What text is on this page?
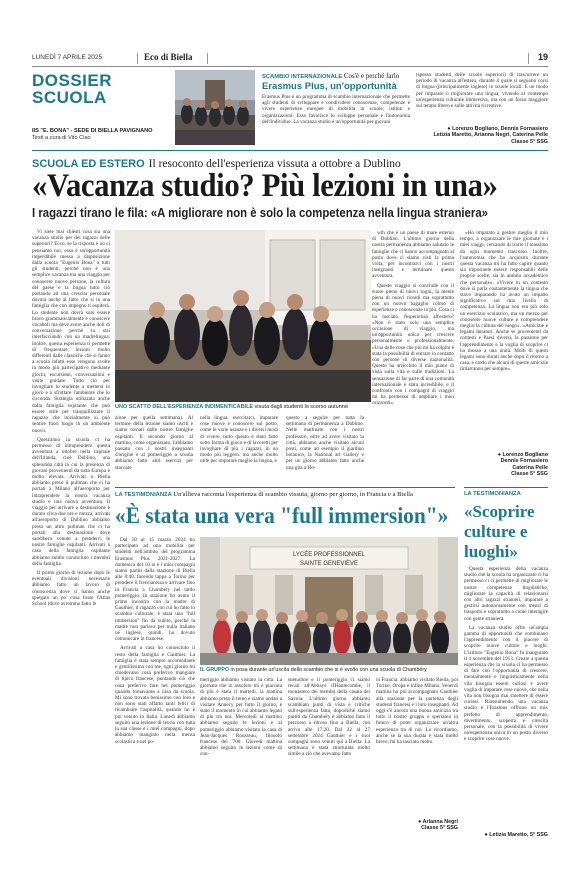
LUNEDÌ 7 APRILE 2025	Eco di Biella	19
DOSSIER
SCUOLA
IIS "E. BONA" - SEDE DI BIELLA PAVIGNANO
Testi a cura di Vito Ciao
SCAMBIO INTERNAZIONALE Cos'è e perché farlo
Erasmus Plus, un'opportunità
Erasmus Plus è un programma di scambio internazionale che permette agli studenti di sviluppare e condividere conoscenze, competenze e vivere esperienze europee di mobilità in scuole, istituti e organizzazioni. Esso favorisce lo sviluppo personale e l'autonomia dell'individuo. La vacanza studio è un'opportunità per giovani
(spesso studenti delle scuole superiori) di trascorrere un periodo di vacanza all'estero, durante il quale si seguono corsi di lingua (principalmente inglese) in scuole locali. E un modo per imparare o migliorare una lingua, vivendo al contempo un'esperienza culturale immersiva, ma con un focus maggiore sul tempo libero e sulle attività ricreative.
● Lorenzo Bogliano, Dennis Fornasiero
Letizia Maretto, Arianna Negri, Caterina Pelle
Classe 5° SSG
SCUOLA ED ESTERO Il resoconto dell'esperienza vissuta a ottobre a Dublino
«Vacanza studio? Più lezioni in una»
I ragazzi tirano le fila: «A migliorare non è solo la competenza nella lingua straniera»

Vi siete mai chiesti cosa sia una vacanza studio per dei ragazzi delle superiori? Ecco, se la risposta è no ci pensiamo noi, essa è un'opportunità imperdibile messa a disposizione dalla scuola "Eugenio Bona" a tutti gli studenti, perché non è una semplice vacanza ma una viaggio per conoscere nuove persone, la cultura del paese e la lingua tutto ciò portando ad una crescita personale dovuta anche al fatto che si in una famiglia che con impegno ti ospiterà. Lo studente non dovrà solo essere bravo grammaticalmente e conoscere vocaboli ma deve avere anche doti di conversazione perché tu stai interfacciando con un madrelingua. Inoltre, questa esperienza ti permette di frequentare lezioni molto differenti dalle classiche che si fanno a scuola infatti esse vengono svolte in modo più partecipativo mediante giochi, escursioni, conversazioni e visite guidate. Tutto ciò per invogliare lo studente a mettersi in gioco e a sfruttare l'ambiente che lo circonda. Strategia utilizzata anche dalla famiglia ospitante che può essere utile per tranquillizzare il ragazzo che inizialmente si può sentire fuori luogo in un ambiente nuovo.

Quest'anno la scuola ci ha permesso di intraprendere questa avventura a ottobre nella capitale dell'Irlanda, cioè Dublino, una splendida città in cui la presenza di giovani provenienti da tutta Europa è molto elevata. Arrivati a Biella abbiamo preso il pullman che ci ha portati a Milano all'aeroporto per intraprendere la nostra vacanza studio e una nuova avventura. Il viaggio per arrivare a destinazione è durato circa due ore e mezza, arrivati all'aeroporto di Dublino abbiamo preso un altro pullman che ci ha portati alla destinazione dove sarebbero venute a prenderci le nostre famiglie ospitanti. Arrivati a casa della famiglia ospitante abbiamo subito conosciuto i membri della famiglia.

Il primo giorno di lezione dopo le eventuali divisioni necessarie abbiamo fatto un lavoro di conoscenza dove ci hanno anche spiegato un po' cosa fosse l'Atlas School (dove avremmo fatto le

UNO SCATTO DELL'ESPERIENZA INDIMENTICABILE visuta dagli studenti lo scorso autunno
zione per quella settimana). Al termine della lezione siamo usciti e siamo tornati dalle nostre famiglie ospitanti. Il secondo giorno al mattino, come organizzato, l'abbiamo passato con i nostri insegnanti d'origine e al pomeriggio a scuola abbiamo fatto altri esercizi per staccare
nella lingua, esercitarci, imparare cose nuove e conoscere sul posto, come le varie usanze e i diversi modi di vivere, tutto questo è stato fatto sotto forma di gioco e di lavoretti per invogliare di più i ragazzi, in un modo più leggero. ma anche molto utile per imparare meglio la lingua, e
questo a seguire per tutta la settimana di permanenza a Dublino. Nelle mattinate con i nostri professori, oltre ad avere visitato la città, abbiamo anche visitato alcuni posti, come ad esempio il giardino botanico, la National art Gallery e per un giorno abbiamo fatto anche una gita a Ho-

wth che è un paese di mare esterno di Dublino. L'ultimo giorno della nostra permanenza abbiamo salutato le famiglie che ci hanno accompagnato al posto dove ci siamo visti la prima volta, per incontrarci con i nostri insegnanti e terminare questa avventura.

Questo viaggio si conclude con il cuore pieno di nuovi sogni, la mente piena di nuovi ricordi ma soprattutto con un nuovo bagaglio colmo di esperienze e conoscenze in più. Cosa ci ha lasciato l'esperienza all'estero? «Non è stato solo una semplice occasione di viaggio, ma un'opportunità unica per crescere personalmente e professionalmente. «Una delle cose che più mi ha colpito è stata la possibilità di entrare in contatto con persone di diverse nazionalità. Questo ha arricchito il mio punto di vista sulla vita e sulle tradizioni. La sensazione di far parte di una comunità internazionale è stata incredibile, e il confronto con i compagni di viaggio mi ha permesso di ampliare i miei orizzonti».

«Ho imparato a gestire meglio il mio tempo, a organizzare le mie giornate e i miei viaggi, cercando di trarre il massimo da ogni momento trascorso. Inoltre, l'autonomia che ho acquisito durante questa vacanza mi ha fatto capire quanto sia importante essere responsabili delle proprie scelte, sia in ambito accademico che personale». «Vivere in un contesto dove si parla costantemente la lingua che stavo imparando ha avuto un impatto significativo sul mio livello di competenza. La lingua non era più solo un esercizio scolastico, ma un mezzo per conoscere nuove culture e comprendere meglio la cultura del luogo». «Amicizie e legami duraturi. Anche se provenienti da contesti e Paesi diversi, la passione per l'apprendimento e la voglia di scoprire ci ha mosso a una unità. Molti di questi legami sono durati anche dopo il ritorno a casa, e credo che alcuni di queste amicizie rimarranno per sempre».

● Lorenzo Bogliano
Dennis Fornasiero
Caterina Pelle
Classe 5° SSG
LA TESTIMONIANZA Un'allieva racconta l'esperienza di scambio vissuta, giorno per giorno, in Francia e a Biella
«È stata una vera "full immersion"»

Dal 10 al 15 marzo 2024 ho partecipato ad una mobilità per studenti nell'ambito del programma Erasmus Plus 2021-2027. La domenica del 10 io e i miei compagni siamo partiti dalla stazione di Biella alle 8:40, facendo tappa a Torino per prendere il frecciarossa e arrivare fino in Francia a Chambéry nel tardo pomeriggio. In stazione ho avuto il primo incontro con la madre di Gauthier, il ragazzo con cui ho fatto lo scambio culturale, è stata una "full immersion" fin da subito, perché la madre non parlava per nulla italiano né inglese, quindi, ho dovuto comunicare in francese.

Arrivati a casa ho conosciuto il resto della famiglia e Gauthier. La famiglia è stata sempre accomodante e gentilissima con me, ogni giorno mi chiedevano cosa preferivo mangiare di tipico francese, puntando ciò che cosa preferivo fare nel pomeriggio quando tornavamo a casa da scuola. Mi sono trovata benissimo con loro e non sono stati affatto tanti felici di ricambiare l'ospitalità, quando lui è poi venuto in Italia. Lunedì abbiamo seguito una lezione di teoria con tutta la sua classe e i miei compagni, dopo abbiamo mangiato nella mensa scolastica e nel po-

LYCÉE PROFESSIONNEL
SAINTE GENEVIÈVE
IL GRUPPO in posa durante un'uscita dello scambio che si è svolto con una scuola di Chambéry
meriggio abbiamo visitato la città. La giornata che in assoluto mi è piaciuta di più è stata il martedì, la mattina abbiamo preso il treno e siamo andati a visitare Annecy per tutto il giorno, è stato il momento in cui abbiamo legato di più tra noi. Mercoledì al mattino abbiamo seguito le lezioni e al pomeriggio abbiamo visitato la casa di Jean-Jacques Rousseau, filosofo francese del '700. Giovedì mattina abbiamo seguito le lezioni come di con-
suetudine e il pomeriggio ci siamo recati all'Abbaye d'Hautecombe, il monastero dei membri della casata dei Savoia. L'ultimo giorno abbiamo scambiato punti di vista e critiche sull'esperienza fatta, dopodiché siamo partiti da Chambéry e abbiamo fatto il percorso a ritroso fino a Biella, con arrivo alle 17:20. Dal 22 al 27 settembre 2024 Gauthier e i suoi compagni sono venuti qui a Biella. La settimana è stata strutturata molto simile a ciò che avevamo fatto
in Francia: abbiamo visitato Biella, poi Torino, Oropa e infine Milano. Venerdì mattina ho poi accompagnato Gauthier alla stazione per la partenza degli studenti francesi e i loro insegnanti. Ad oggi c'è ancora una buona amicizia tra tutto il nostro gruppo e speriamo in futuro di poter organizzare un'altra esperienza tra di noi. Lo ricordiamo, anche se la sua durata è stata molto breve, mi ha lasciato molto.
● Arianna Negri
Classe 5° SSG
LA TESTIMONIANZA
«Scoprire culture e luoghi»

Questa esperienza della vacanza studio che la scuola ha organizzato ci ha permesso ci ci permette di migliorare le nostre competenze linguistiche, migliorare la capacità di relazionarsi con altri ragazzi stranieri, imparare a gestirsi autonomamente con mezzi di trasporto e soprattutto a come interagire con gente straniera.

La vacanza studio offre un'ampia gamma di opportunità che combinano l'apprendimento con il piacere di scoprire nuove culture e luoghi. L'istituto "Eugenio Bona" fu inaugurato il 4 novembre del 1913. Creare a questa esperienza che la scuola ci ha permesso di fare con l'opportunità di crescere, mentalmente e linguisticamente nella vita bisogna essere curiosi e avere voglia di imparare cose nuove, che nella vita non bisogna mai smettere di essere curiosi. Riassumendo una vacanza studio e l'Erasmus offrono un mix perfetto di apprendimento, divertimento, scoperta e crescita personale, con la possibilità di vivere un'esperienza unica in un posto diverso e scoprire cose nuove.

● Letizia Maretto, 5° SSG
